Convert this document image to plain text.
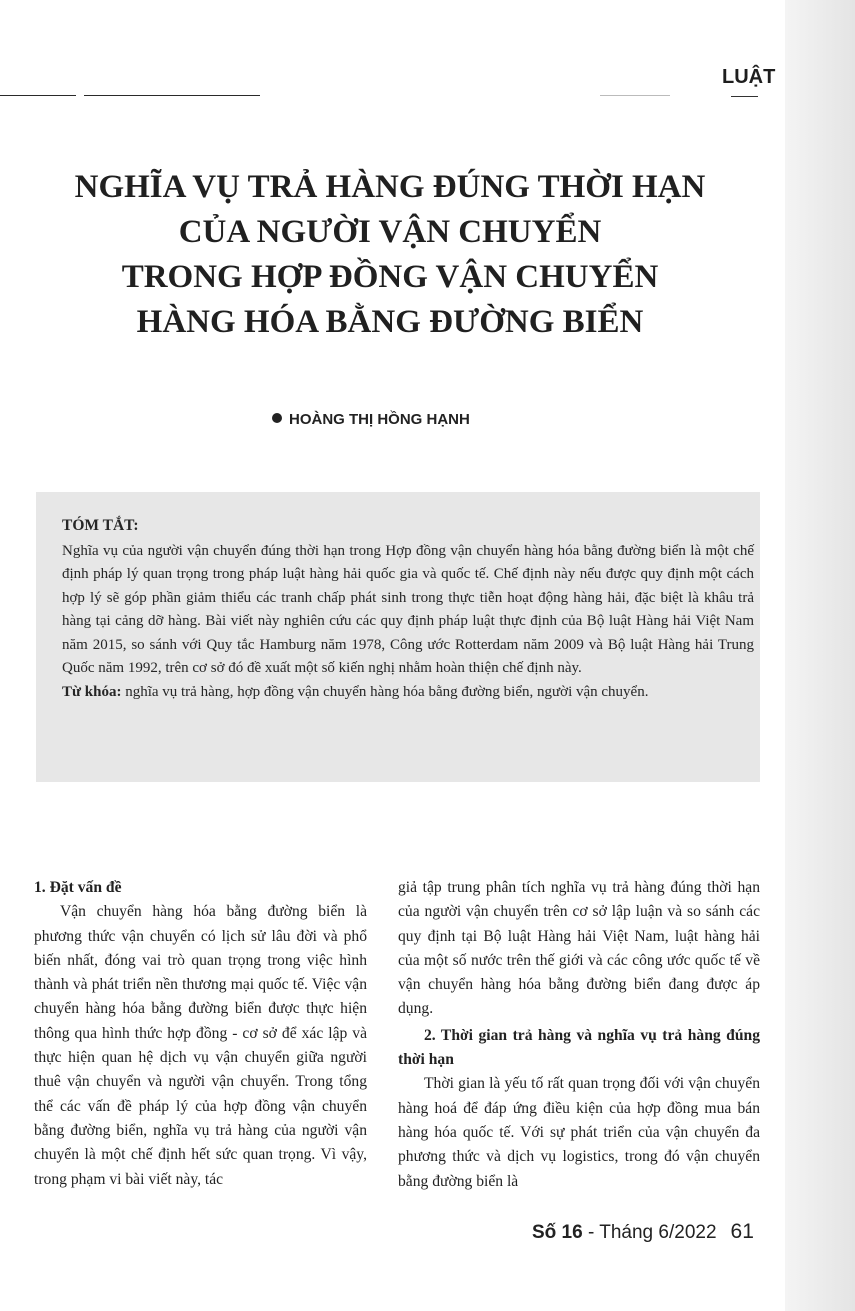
LUẬT
NGHĨA VỤ TRẢ HÀNG ĐÚNG THỜI HẠN
CỦA NGƯỜI VẬN CHUYỂN
TRONG HỢP ĐỒNG VẬN CHUYỂN
HÀNG HÓA BẰNG ĐƯỜNG BIỂN
HOÀNG THỊ HỒNG HẠNH
TÓM TẮT:
Nghĩa vụ của người vận chuyển đúng thời hạn trong Hợp đồng vận chuyển hàng hóa bằng đường biển là một chế định pháp lý quan trọng trong pháp luật hàng hải quốc gia và quốc tế. Chế định này nếu được quy định một cách hợp lý sẽ góp phần giảm thiểu các tranh chấp phát sinh trong thực tiễn hoạt động hàng hải, đặc biệt là khâu trả hàng tại cảng dỡ hàng. Bài viết này nghiên cứu các quy định pháp luật thực định của Bộ luật Hàng hải Việt Nam năm 2015, so sánh với Quy tắc Hamburg năm 1978, Công ước Rotterdam năm 2009 và Bộ luật Hàng hải Trung Quốc năm 1992, trên cơ sở đó đề xuất một số kiến nghị nhằm hoàn thiện chế định này.
Từ khóa: nghĩa vụ trả hàng, hợp đồng vận chuyển hàng hóa bằng đường biển, người vận chuyển.
1. Đặt vấn đề

Vận chuyển hàng hóa bằng đường biển là phương thức vận chuyển có lịch sử lâu đời và phổ biến nhất, đóng vai trò quan trọng trong việc hình thành và phát triển nền thương mại quốc tế. Việc vận chuyển hàng hóa bằng đường biển được thực hiện thông qua hình thức hợp đồng - cơ sở để xác lập và thực hiện quan hệ dịch vụ vận chuyển giữa người thuê vận chuyển và người vận chuyển. Trong tổng thể các vấn đề pháp lý của hợp đồng vận chuyển bằng đường biển, nghĩa vụ trả hàng của người vận chuyển là một chế định hết sức quan trọng. Vì vậy, trong phạm vi bài viết này, tác

giả tập trung phân tích nghĩa vụ trả hàng đúng thời hạn của người vận chuyển trên cơ sở lập luận và so sánh các quy định tại Bộ luật Hàng hải Việt Nam, luật hàng hải của một số nước trên thế giới và các công ước quốc tế về vận chuyển hàng hóa bằng đường biển đang được áp dụng.

2. Thời gian trả hàng và nghĩa vụ trả hàng đúng thời hạn

Thời gian là yếu tố rất quan trọng đối với vận chuyển hàng hoá để đáp ứng điều kiện của hợp đồng mua bán hàng hóa quốc tế. Với sự phát triển của vận chuyển đa phương thức và dịch vụ logistics, trong đó vận chuyển bằng đường biển là

Số 16 - Tháng 6/2022 61
